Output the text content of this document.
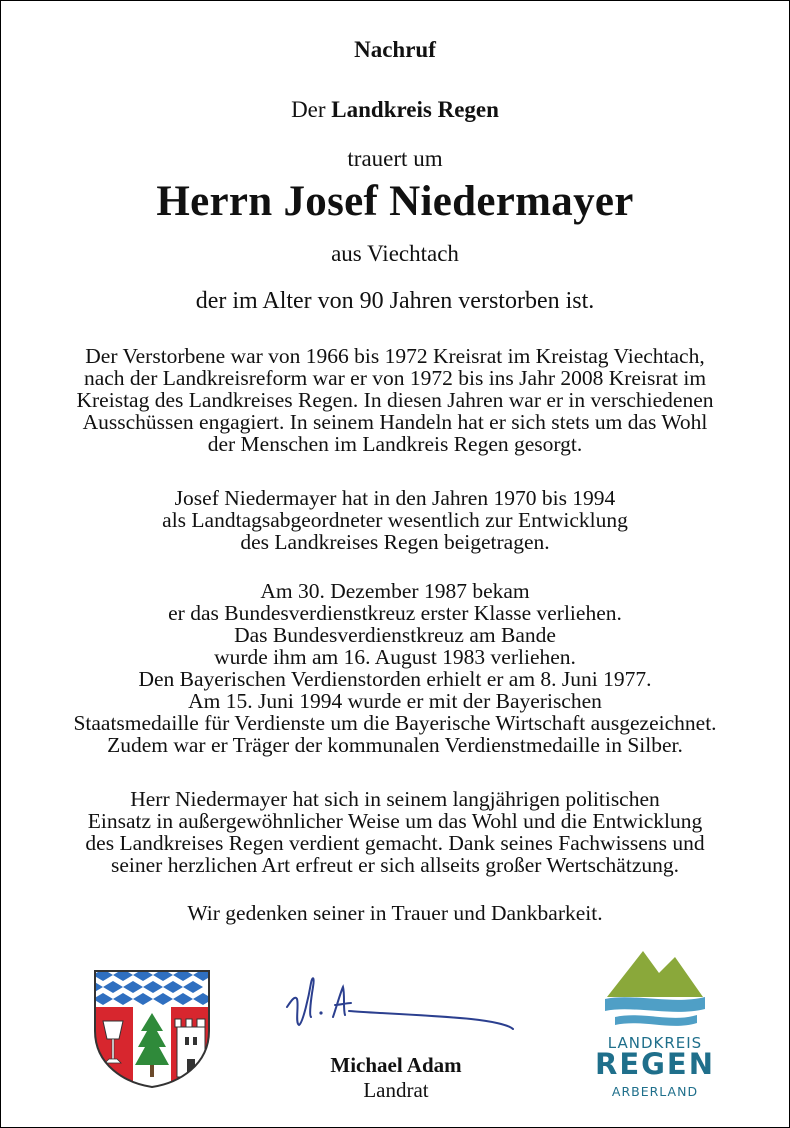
Nachruf
Der Landkreis Regen
trauert um
Herrn Josef Niedermayer
aus Viechtach
der im Alter von 90 Jahren verstorben ist.
Der Verstorbene war von 1966 bis 1972 Kreisrat im Kreistag Viechtach,
nach der Landkreisreform war er von 1972 bis ins Jahr 2008 Kreisrat im
Kreistag des Landkreises Regen. In diesen Jahren war er in verschiedenen
Ausschüssen engagiert. In seinem Handeln hat er sich stets um das Wohl
der Menschen im Landkreis Regen gesorgt.
Josef Niedermayer hat in den Jahren 1970 bis 1994
als Landtagsabgeordneter wesentlich zur Entwicklung
des Landkreises Regen beigetragen.
Am 30. Dezember 1987 bekam
er das Bundesverdienstkreuz erster Klasse verliehen.
Das Bundesverdienstkreuz am Bande
wurde ihm am 16. August 1983 verliehen.
Den Bayerischen Verdienstorden erhielt er am 8. Juni 1977.
Am 15. Juni 1994 wurde er mit der Bayerischen
Staatsmedaille für Verdienste um die Bayerische Wirtschaft ausgezeichnet.
Zudem war er Träger der kommunalen Verdienstmedaille in Silber.
Herr Niedermayer hat sich in seinem langjährigen politischen
Einsatz in außergewöhnlicher Weise um das Wohl und die Entwicklung
des Landkreises Regen verdient gemacht. Dank seines Fachwissens und
seiner herzlichen Art erfreut er sich allseits großer Wertschätzung.
Wir gedenken seiner in Trauer und Dankbarkeit.
Michael Adam
Landrat
LANDKREIS
REGEN
ARBERLAND
